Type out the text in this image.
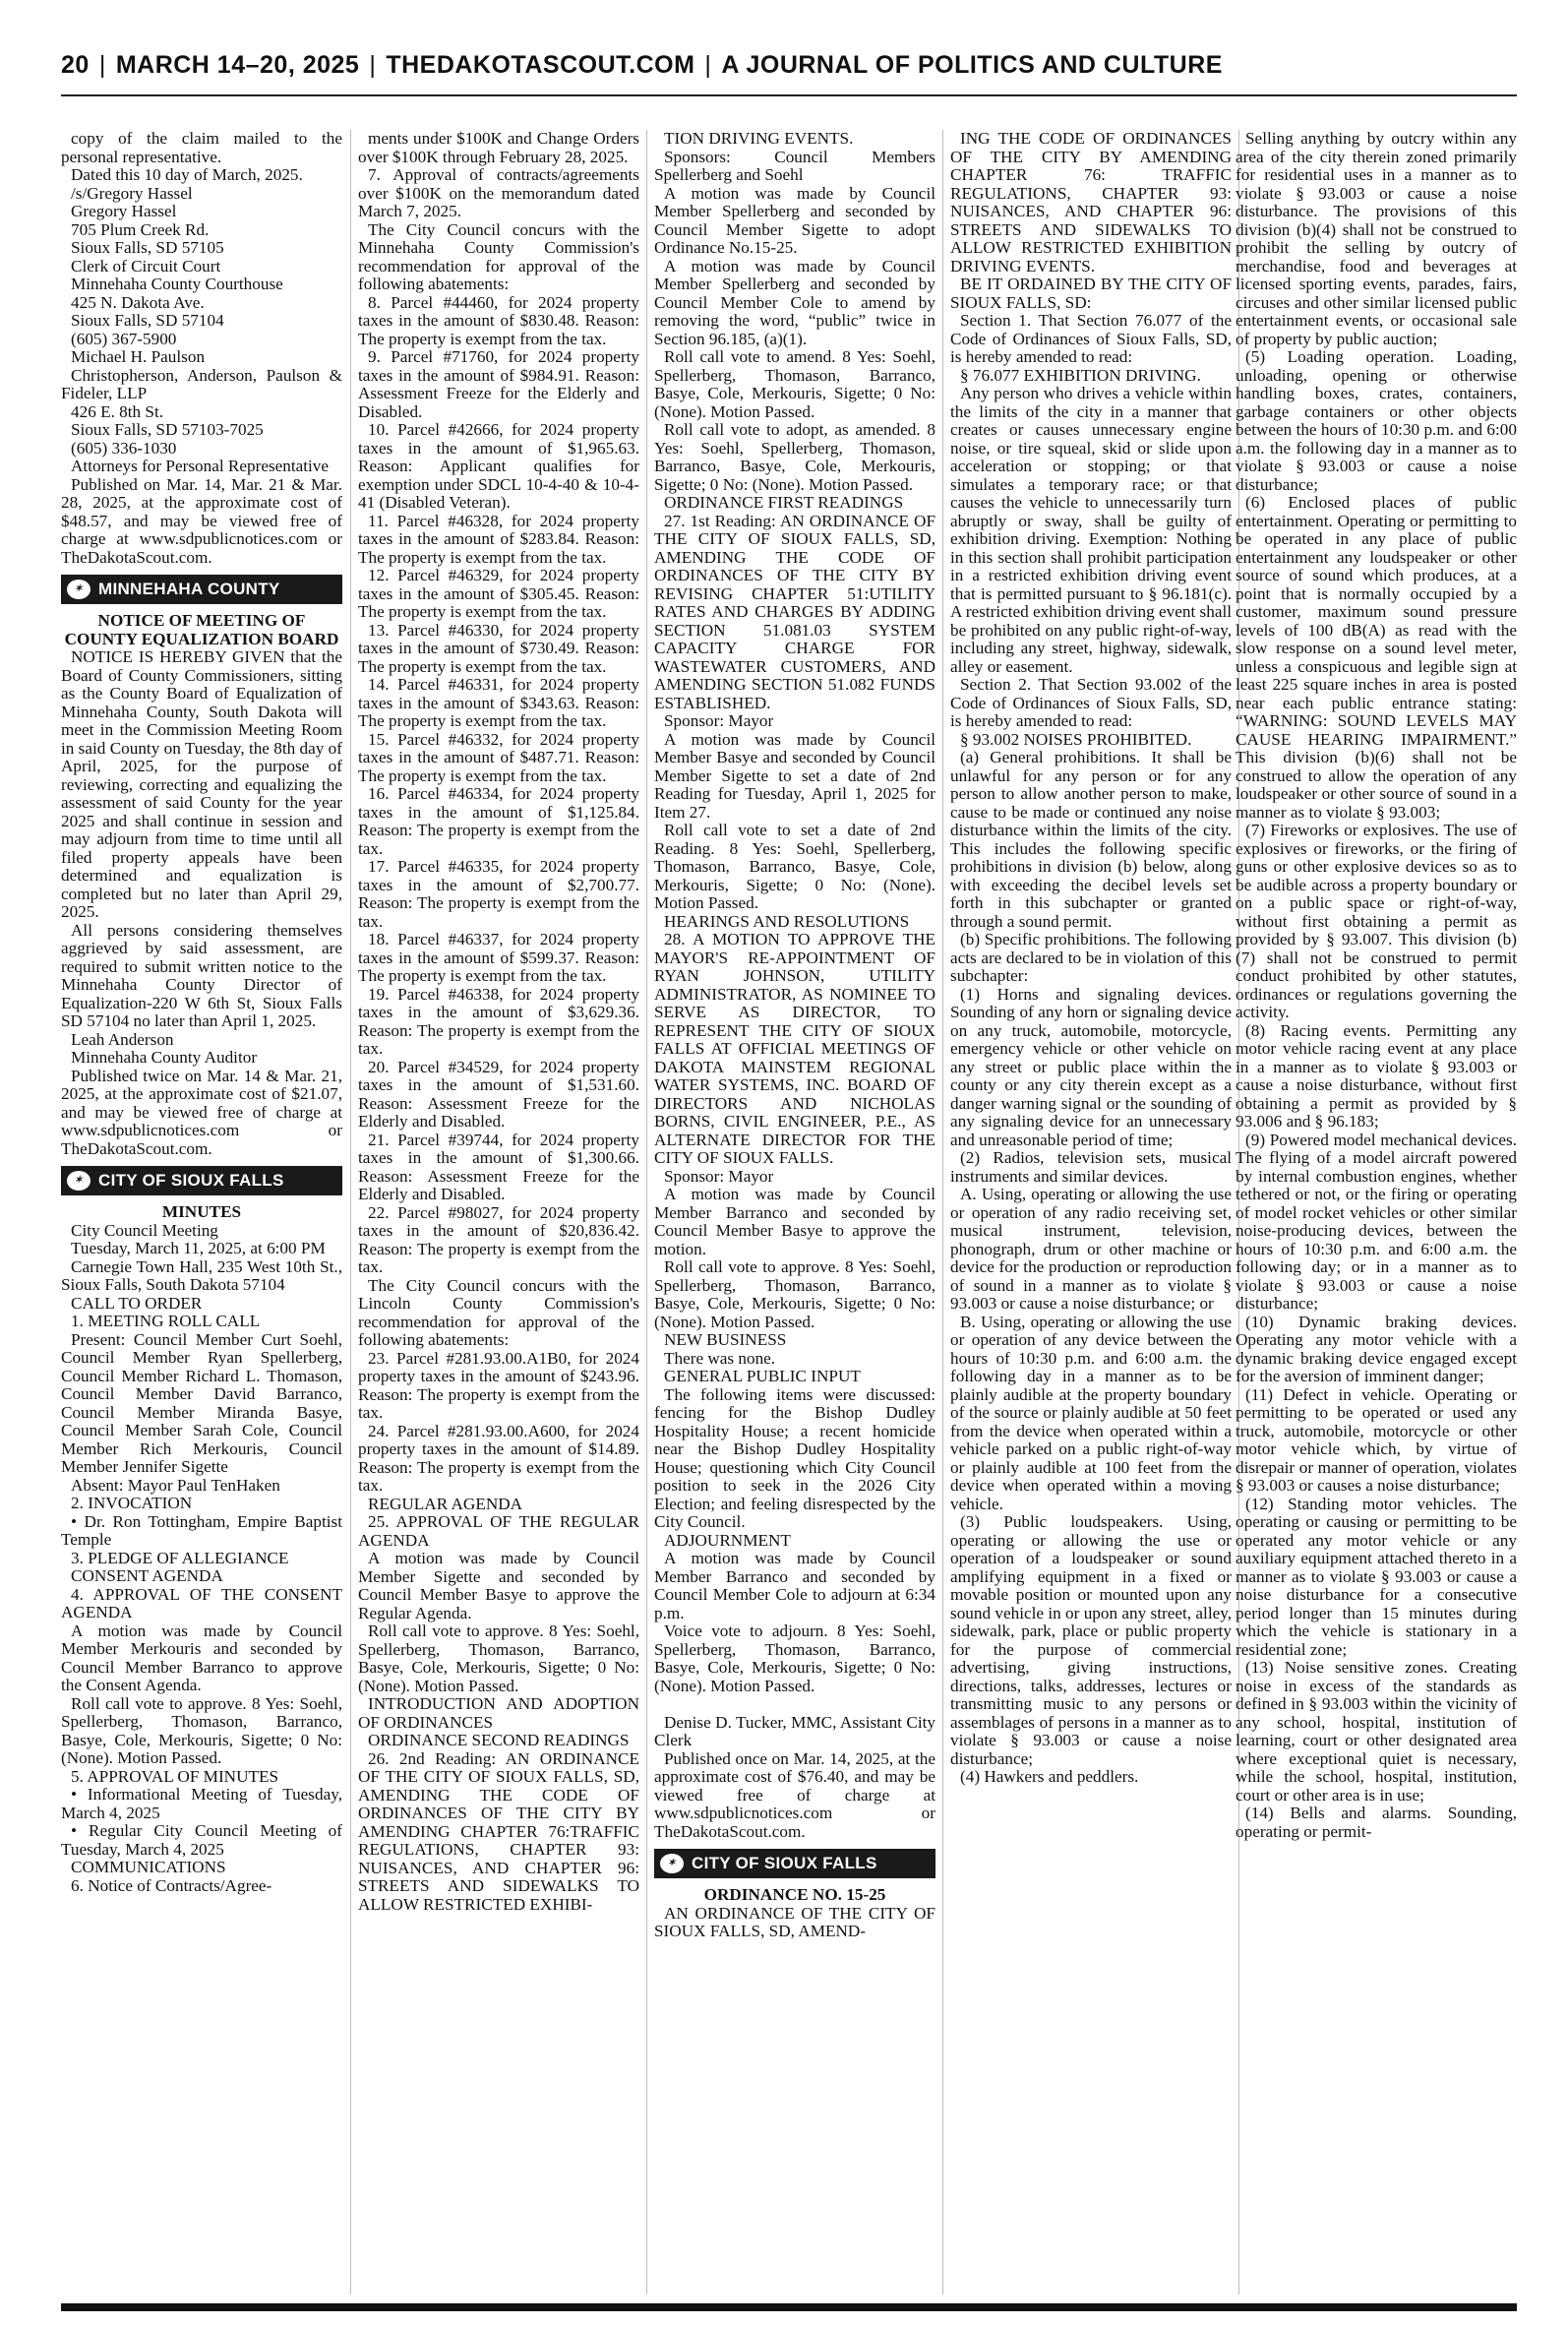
20 | MARCH 14–20, 2025 | THEDAKOTASCOUT.COM | A JOURNAL OF POLITICS AND CULTURE

copy of the claim mailed to the personal representative.

Dated this 10 day of March, 2025.

/s/Gregory Hassel

Gregory Hassel

705 Plum Creek Rd.

Sioux Falls, SD 57105

Clerk of Circuit Court

Minnehaha County Courthouse

425 N. Dakota Ave.

Sioux Falls, SD 57104

(605) 367-5900

Michael H. Paulson

Christopherson, Anderson, Paulson & Fideler, LLP

426 E. 8th St.

Sioux Falls, SD 57103-7025

(605) 336-1030

Attorneys for Personal Representative

Published on Mar. 14, Mar. 21 & Mar. 28, 2025, at the approximate cost of $48.57, and may be viewed free of charge at www.sdpublicnotices.com or TheDakotaScout.com.

✶ MINNEHAHA COUNTY

NOTICE OF MEETING OF COUNTY EQUALIZATION BOARD

NOTICE IS HEREBY GIVEN that the Board of County Commissioners, sitting as the County Board of Equalization of Minnehaha County, South Dakota will meet in the Commission Meeting Room in said County on Tuesday, the 8th day of April, 2025, for the purpose of reviewing, correcting and equalizing the assessment of said County for the year 2025 and shall continue in session and may adjourn from time to time until all filed property appeals have been determined and equalization is completed but no later than April 29, 2025.

All persons considering themselves aggrieved by said assessment, are required to submit written notice to the Minnehaha County Director of Equalization-220 W 6th St, Sioux Falls SD 57104 no later than April 1, 2025.

Leah Anderson

Minnehaha County Auditor

Published twice on Mar. 14 & Mar. 21, 2025, at the approximate cost of $21.07, and may be viewed free of charge at www.sdpublicnotices.com or TheDakotaScout.com.

✶ CITY OF SIOUX FALLS

MINUTES

City Council Meeting

Tuesday, March 11, 2025, at 6:00 PM

Carnegie Town Hall, 235 West 10th St., Sioux Falls, South Dakota 57104

CALL TO ORDER

1. MEETING ROLL CALL

Present: Council Member Curt Soehl, Council Member Ryan Spellerberg, Council Member Richard L. Thomason, Council Member David Barranco, Council Member Miranda Basye, Council Member Sarah Cole, Council Member Rich Merkouris, Council Member Jennifer Sigette

Absent: Mayor Paul TenHaken

2. INVOCATION

• Dr. Ron Tottingham, Empire Baptist Temple

3. PLEDGE OF ALLEGIANCE

CONSENT AGENDA

4. APPROVAL OF THE CONSENT AGENDA

A motion was made by Council Member Merkouris and seconded by Council Member Barranco to approve the Consent Agenda.

Roll call vote to approve. 8 Yes: Soehl, Spellerberg, Thomason, Barranco, Basye, Cole, Merkouris, Sigette; 0 No: (None). Motion Passed.

5. APPROVAL OF MINUTES

• Informational Meeting of Tuesday, March 4, 2025

• Regular City Council Meeting of Tuesday, March 4, 2025

COMMUNICATIONS

6. Notice of Contracts/Agree-

ments under $100K and Change Orders over $100K through February 28, 2025.

7. Approval of contracts/agreements over $100K on the memorandum dated March 7, 2025.

The City Council concurs with the Minnehaha County Commission's recommendation for approval of the following abatements:

8. Parcel #44460, for 2024 property taxes in the amount of $830.48. Reason: The property is exempt from the tax.

9. Parcel #71760, for 2024 property taxes in the amount of $984.91. Reason: Assessment Freeze for the Elderly and Disabled.

10. Parcel #42666, for 2024 property taxes in the amount of $1,965.63. Reason: Applicant qualifies for exemption under SDCL 10-4-40 & 10-4-41 (Disabled Veteran).

11. Parcel #46328, for 2024 property taxes in the amount of $283.84. Reason: The property is exempt from the tax.

12. Parcel #46329, for 2024 property taxes in the amount of $305.45. Reason: The property is exempt from the tax.

13. Parcel #46330, for 2024 property taxes in the amount of $730.49. Reason: The property is exempt from the tax.

14. Parcel #46331, for 2024 property taxes in the amount of $343.63. Reason: The property is exempt from the tax.

15. Parcel #46332, for 2024 property taxes in the amount of $487.71. Reason: The property is exempt from the tax.

16. Parcel #46334, for 2024 property taxes in the amount of $1,125.84. Reason: The property is exempt from the tax.

17. Parcel #46335, for 2024 property taxes in the amount of $2,700.77. Reason: The property is exempt from the tax.

18. Parcel #46337, for 2024 property taxes in the amount of $599.37. Reason: The property is exempt from the tax.

19. Parcel #46338, for 2024 property taxes in the amount of $3,629.36. Reason: The property is exempt from the tax.

20. Parcel #34529, for 2024 property taxes in the amount of $1,531.60. Reason: Assessment Freeze for the Elderly and Disabled.

21. Parcel #39744, for 2024 property taxes in the amount of $1,300.66. Reason: Assessment Freeze for the Elderly and Disabled.

22. Parcel #98027, for 2024 property taxes in the amount of $20,836.42. Reason: The property is exempt from the tax.

The City Council concurs with the Lincoln County Commission's recommendation for approval of the following abatements:

23. Parcel #281.93.00.A1B0, for 2024 property taxes in the amount of $243.96. Reason: The property is exempt from the tax.

24. Parcel #281.93.00.A600, for 2024 property taxes in the amount of $14.89. Reason: The property is exempt from the tax.

REGULAR AGENDA

25. APPROVAL OF THE REGULAR AGENDA

A motion was made by Council Member Sigette and seconded by Council Member Basye to approve the Regular Agenda.

Roll call vote to approve. 8 Yes: Soehl, Spellerberg, Thomason, Barranco, Basye, Cole, Merkouris, Sigette; 0 No: (None). Motion Passed.

INTRODUCTION AND ADOPTION OF ORDINANCES

ORDINANCE SECOND READINGS

26. 2nd Reading: AN ORDINANCE OF THE CITY OF SIOUX FALLS, SD, AMENDING THE CODE OF ORDINANCES OF THE CITY BY AMENDING CHAPTER 76:TRAFFIC REGULATIONS, CHAPTER 93: NUISANCES, AND CHAPTER 96: STREETS AND SIDEWALKS TO ALLOW RESTRICTED EXHIBI-

TION DRIVING EVENTS.

Sponsors: Council Members Spellerberg and Soehl

A motion was made by Council Member Spellerberg and seconded by Council Member Sigette to adopt Ordinance No.15-25.

A motion was made by Council Member Spellerberg and seconded by Council Member Cole to amend by removing the word, “public” twice in Section 96.185, (a)(1).

Roll call vote to amend. 8 Yes: Soehl, Spellerberg, Thomason, Barranco, Basye, Cole, Merkouris, Sigette; 0 No: (None). Motion Passed.

Roll call vote to adopt, as amended. 8 Yes: Soehl, Spellerberg, Thomason, Barranco, Basye, Cole, Merkouris, Sigette; 0 No: (None). Motion Passed.

ORDINANCE FIRST READINGS

27. 1st Reading: AN ORDINANCE OF THE CITY OF SIOUX FALLS, SD, AMENDING THE CODE OF ORDINANCES OF THE CITY BY REVISING CHAPTER 51:UTILITY RATES AND CHARGES BY ADDING SECTION 51.081.03 SYSTEM CAPACITY CHARGE FOR WASTEWATER CUSTOMERS, AND AMENDING SECTION 51.082 FUNDS ESTABLISHED.

Sponsor: Mayor

A motion was made by Council Member Basye and seconded by Council Member Sigette to set a date of 2nd Reading for Tuesday, April 1, 2025 for Item 27.

Roll call vote to set a date of 2nd Reading. 8 Yes: Soehl, Spellerberg, Thomason, Barranco, Basye, Cole, Merkouris, Sigette; 0 No: (None). Motion Passed.

HEARINGS AND RESOLUTIONS

28. A MOTION TO APPROVE THE MAYOR'S RE-APPOINTMENT OF RYAN JOHNSON, UTILITY ADMINISTRATOR, AS NOMINEE TO SERVE AS DIRECTOR, TO REPRESENT THE CITY OF SIOUX FALLS AT OFFICIAL MEETINGS OF DAKOTA MAINSTEM REGIONAL WATER SYSTEMS, INC. BOARD OF DIRECTORS AND NICHOLAS BORNS, CIVIL ENGINEER, P.E., AS ALTERNATE DIRECTOR FOR THE CITY OF SIOUX FALLS.

Sponsor: Mayor

A motion was made by Council Member Barranco and seconded by Council Member Basye to approve the motion.

Roll call vote to approve. 8 Yes: Soehl, Spellerberg, Thomason, Barranco, Basye, Cole, Merkouris, Sigette; 0 No: (None). Motion Passed.

NEW BUSINESS

There was none.

GENERAL PUBLIC INPUT

The following items were discussed: fencing for the Bishop Dudley Hospitality House; a recent homicide near the Bishop Dudley Hospitality House; questioning which City Council position to seek in the 2026 City Election; and feeling disrespected by the City Council.

ADJOURNMENT

A motion was made by Council Member Barranco and seconded by Council Member Cole to adjourn at 6:34 p.m.

Voice vote to adjourn. 8 Yes: Soehl, Spellerberg, Thomason, Barranco, Basye, Cole, Merkouris, Sigette; 0 No: (None). Motion Passed.

Denise D. Tucker, MMC, Assistant City Clerk

Published once on Mar. 14, 2025, at the approximate cost of $76.40, and may be viewed free of charge at www.sdpublicnotices.com or TheDakotaScout.com.

✶ CITY OF SIOUX FALLS

ORDINANCE NO. 15-25

AN ORDINANCE OF THE CITY OF SIOUX FALLS, SD, AMEND-

ING THE CODE OF ORDINANCES OF THE CITY BY AMENDING CHAPTER 76: TRAFFIC REGULATIONS, CHAPTER 93: NUISANCES, AND CHAPTER 96: STREETS AND SIDEWALKS TO ALLOW RESTRICTED EXHIBITION DRIVING EVENTS.

BE IT ORDAINED BY THE CITY OF SIOUX FALLS, SD:

Section 1. That Section 76.077 of the Code of Ordinances of Sioux Falls, SD, is hereby amended to read:

§ 76.077 EXHIBITION DRIVING.

Any person who drives a vehicle within the limits of the city in a manner that creates or causes unnecessary engine noise, or tire squeal, skid or slide upon acceleration or stopping; or that simulates a temporary race; or that causes the vehicle to unnecessarily turn abruptly or sway, shall be guilty of exhibition driving. Exemption: Nothing in this section shall prohibit participation in a restricted exhibition driving event that is permitted pursuant to § 96.181(c). A restricted exhibition driving event shall be prohibited on any public right-of-way, including any street, highway, sidewalk, alley or easement.

Section 2. That Section 93.002 of the Code of Ordinances of Sioux Falls, SD, is hereby amended to read:

§ 93.002 NOISES PROHIBITED.

(a) General prohibitions. It shall be unlawful for any person or for any person to allow another person to make, cause to be made or continued any noise disturbance within the limits of the city. This includes the following specific prohibitions in division (b) below, along with exceeding the decibel levels set forth in this subchapter or granted through a sound permit.

(b) Specific prohibitions. The following acts are declared to be in violation of this subchapter:

(1) Horns and signaling devices. Sounding of any horn or signaling device on any truck, automobile, motorcycle, emergency vehicle or other vehicle on any street or public place within the county or any city therein except as a danger warning signal or the sounding of any signaling device for an unnecessary and unreasonable period of time;

(2) Radios, television sets, musical instruments and similar devices.

A. Using, operating or allowing the use or operation of any radio receiving set, musical instrument, television, phonograph, drum or other machine or device for the production or reproduction of sound in a manner as to violate § 93.003 or cause a noise disturbance; or

B. Using, operating or allowing the use or operation of any device between the hours of 10:30 p.m. and 6:00 a.m. the following day in a manner as to be plainly audible at the property boundary of the source or plainly audible at 50 feet from the device when operated within a vehicle parked on a public right-of-way or plainly audible at 100 feet from the device when operated within a moving vehicle.

(3) Public loudspeakers. Using, operating or allowing the use or operation of a loudspeaker or sound amplifying equipment in a fixed or movable position or mounted upon any sound vehicle in or upon any street, alley, sidewalk, park, place or public property for the purpose of commercial advertising, giving instructions, directions, talks, addresses, lectures or transmitting music to any persons or assemblages of persons in a manner as to violate § 93.003 or cause a noise disturbance;

(4) Hawkers and peddlers.

Selling anything by outcry within any area of the city therein zoned primarily for residential uses in a manner as to violate § 93.003 or cause a noise disturbance. The provisions of this division (b)(4) shall not be construed to prohibit the selling by outcry of merchandise, food and beverages at licensed sporting events, parades, fairs, circuses and other similar licensed public entertainment events, or occasional sale of property by public auction;

(5) Loading operation. Loading, unloading, opening or otherwise handling boxes, crates, containers, garbage containers or other objects between the hours of 10:30 p.m. and 6:00 a.m. the following day in a manner as to violate § 93.003 or cause a noise disturbance;

(6) Enclosed places of public entertainment. Operating or permitting to be operated in any place of public entertainment any loudspeaker or other source of sound which produces, at a point that is normally occupied by a customer, maximum sound pressure levels of 100 dB(A) as read with the slow response on a sound level meter, unless a conspicuous and legible sign at least 225 square inches in area is posted near each public entrance stating: “WARNING: SOUND LEVELS MAY CAUSE HEARING IMPAIRMENT.” This division (b)(6) shall not be construed to allow the operation of any loudspeaker or other source of sound in a manner as to violate § 93.003;

(7) Fireworks or explosives. The use of explosives or fireworks, or the firing of guns or other explosive devices so as to be audible across a property boundary or on a public space or right-of-way, without first obtaining a permit as provided by § 93.007. This division (b)(7) shall not be construed to permit conduct prohibited by other statutes, ordinances or regulations governing the activity.

(8) Racing events. Permitting any motor vehicle racing event at any place in a manner as to violate § 93.003 or cause a noise disturbance, without first obtaining a permit as provided by § 93.006 and § 96.183;

(9) Powered model mechanical devices. The flying of a model aircraft powered by internal combustion engines, whether tethered or not, or the firing or operating of model rocket vehicles or other similar noise-producing devices, between the hours of 10:30 p.m. and 6:00 a.m. the following day; or in a manner as to violate § 93.003 or cause a noise disturbance;

(10) Dynamic braking devices. Operating any motor vehicle with a dynamic braking device engaged except for the aversion of imminent danger;

(11) Defect in vehicle. Operating or permitting to be operated or used any truck, automobile, motorcycle or other motor vehicle which, by virtue of disrepair or manner of operation, violates § 93.003 or causes a noise disturbance;

(12) Standing motor vehicles. The operating or causing or permitting to be operated any motor vehicle or any auxiliary equipment attached thereto in a manner as to violate § 93.003 or cause a noise disturbance for a consecutive period longer than 15 minutes during which the vehicle is stationary in a residential zone;

(13) Noise sensitive zones. Creating noise in excess of the standards as defined in § 93.003 within the vicinity of any school, hospital, institution of learning, court or other designated area where exceptional quiet is necessary, while the school, hospital, institution, court or other area is in use;

(14) Bells and alarms. Sounding, operating or permit-
